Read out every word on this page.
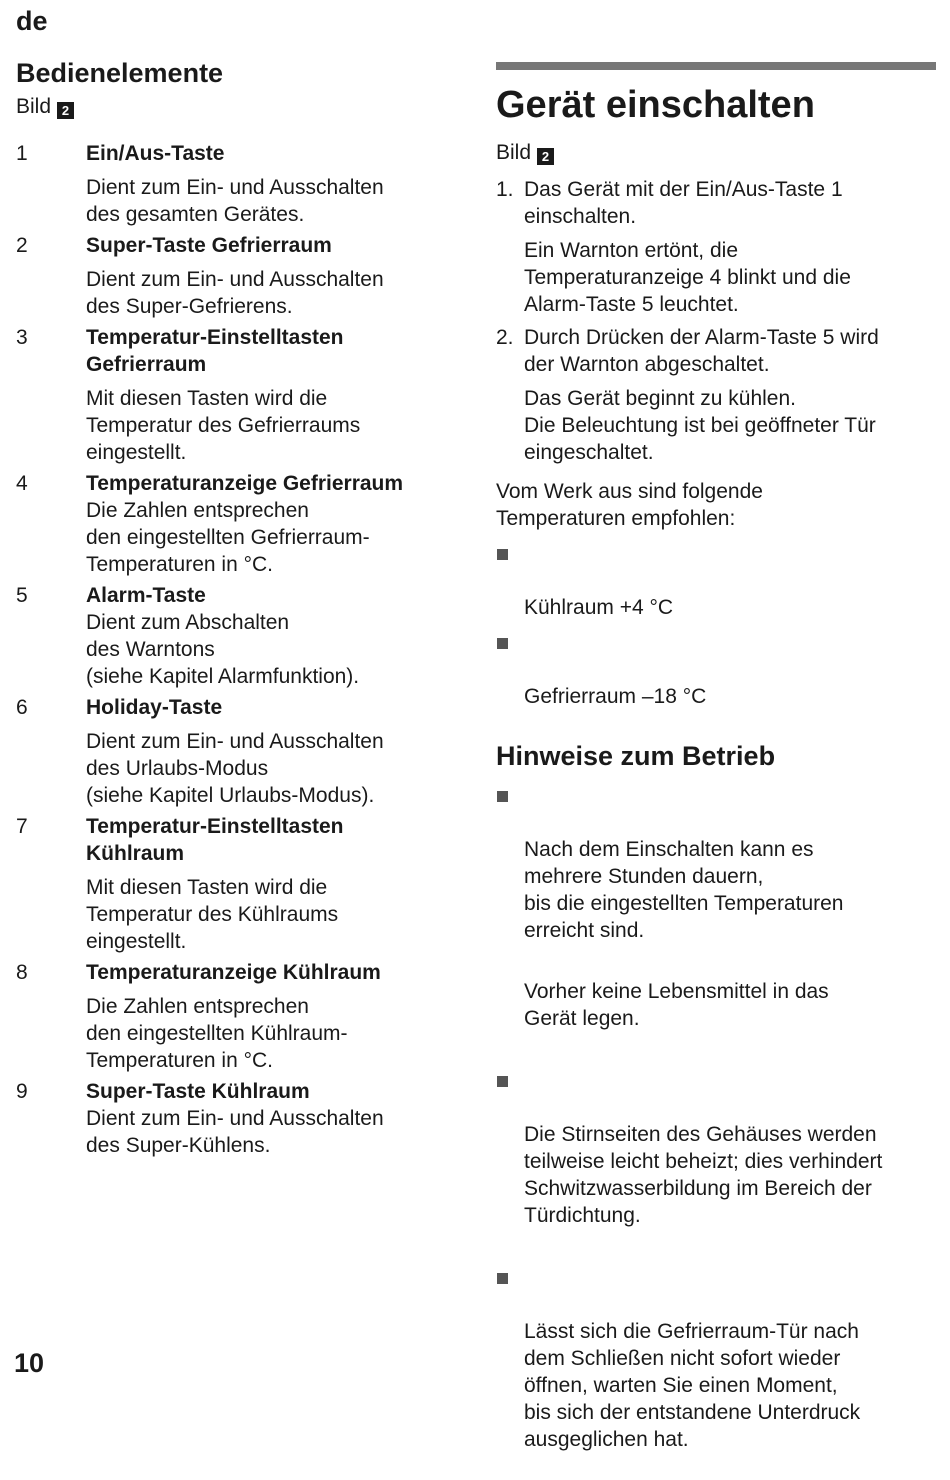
de
Bedienelemente
Bild 2
1	Ein/Aus-Taste
Dient zum Ein- und Ausschalten
des gesamten Gerätes.
2	Super-Taste Gefrierraum
Dient zum Ein- und Ausschalten
des Super-Gefrierens.
3	Temperatur-Einstelltasten Gefrierraum
Mit diesen Tasten wird die
Temperatur des Gefrierraums
eingestellt.
4	Temperaturanzeige Gefrierraum
Die Zahlen entsprechen
den eingestellten Gefrierraum-
Temperaturen in °C.
5	Alarm-Taste
Dient zum Abschalten
des Warntons
(siehe Kapitel Alarmfunktion).
6	Holiday-Taste
Dient zum Ein- und Ausschalten
des Urlaubs-Modus
(siehe Kapitel Urlaubs-Modus).
7	Temperatur-Einstelltasten Kühlraum
Mit diesen Tasten wird die
Temperatur des Kühlraums
eingestellt.
8	Temperaturanzeige Kühlraum
Die Zahlen entsprechen
den eingestellten Kühlraum-
Temperaturen in °C.
9	Super-Taste Kühlraum
Dient zum Ein- und Ausschalten
des Super-Kühlens.
Gerät einschalten
Bild 2
1. Das Gerät mit der Ein/Aus-Taste 1
einschalten.
Ein Warnton ertönt, die
Temperaturanzeige 4 blinkt und die
Alarm-Taste 5 leuchtet.
2. Durch Drücken der Alarm-Taste 5 wird
der Warnton abgeschaltet.
Das Gerät beginnt zu kühlen.
Die Beleuchtung ist bei geöffneter Tür
eingeschaltet.
Vom Werk aus sind folgende
Temperaturen empfohlen:

Kühlraum +4 °C

Gefrierraum –18 °C

Hinweise zum Betrieb

Nach dem Einschalten kann es
mehrere Stunden dauern,
bis die eingestellten Temperaturen
erreicht sind.

Vorher keine Lebensmittel in das
Gerät legen.

Die Stirnseiten des Gehäuses werden
teilweise leicht beheizt; dies verhindert
Schwitzwasserbildung im Bereich der
Türdichtung.

Lässt sich die Gefrierraum-Tür nach
dem Schließen nicht sofort wieder
öffnen, warten Sie einen Moment,
bis sich der entstandene Unterdruck
ausgeglichen hat.

10
